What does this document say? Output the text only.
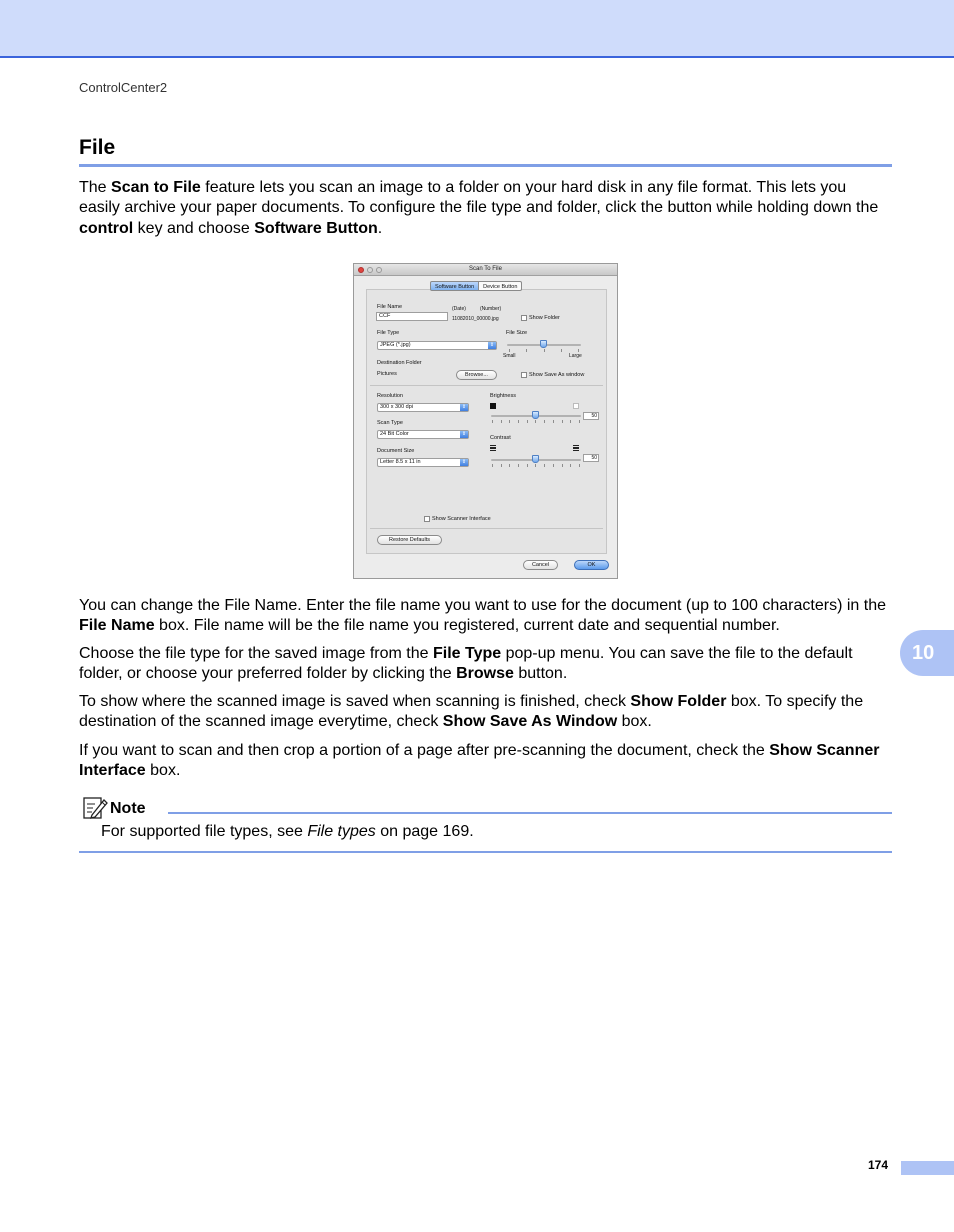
ControlCenter2
File

The Scan to File feature lets you scan an image to a folder on your hard disk in any file format. This lets you easily archive your paper documents. To configure the file type and folder, click the button while holding down the control key and choose Software Button.

Scan To File
Software Button	Device Button
File Name
CCF
(Date)	(Number)
11082010_00000.jpg	Show Folder
File Type
JPEG (*.jpg)	⇕
File Size
Small	Large
Destination Folder
Pictures	Browse...	Show Save As window
Resolution
300 x 300 dpi	⇕
Scan Type
24 Bit Color	⇕
Document Size
Letter 8.5 x 11 in	⇕
Brightness
50
Contrast
50
Show Scanner Interface
Restore Defaults
Cancel	OK

You can change the File Name. Enter the file name you want to use for the document (up to 100 characters) in the File Name box. File name will be the file name you registered, current date and sequential number.

Choose the file type for the saved image from the File Type pop-up menu. You can save the file to the default folder, or choose your preferred folder by clicking the Browse button.

To show where the scanned image is saved when scanning is finished, check Show Folder box. To specify the destination of the scanned image everytime, check Show Save As Window box.

If you want to scan and then crop a portion of a page after pre-scanning the document, check the Show Scanner Interface box.

10
Note
For supported file types, see File types on page 169.
174
